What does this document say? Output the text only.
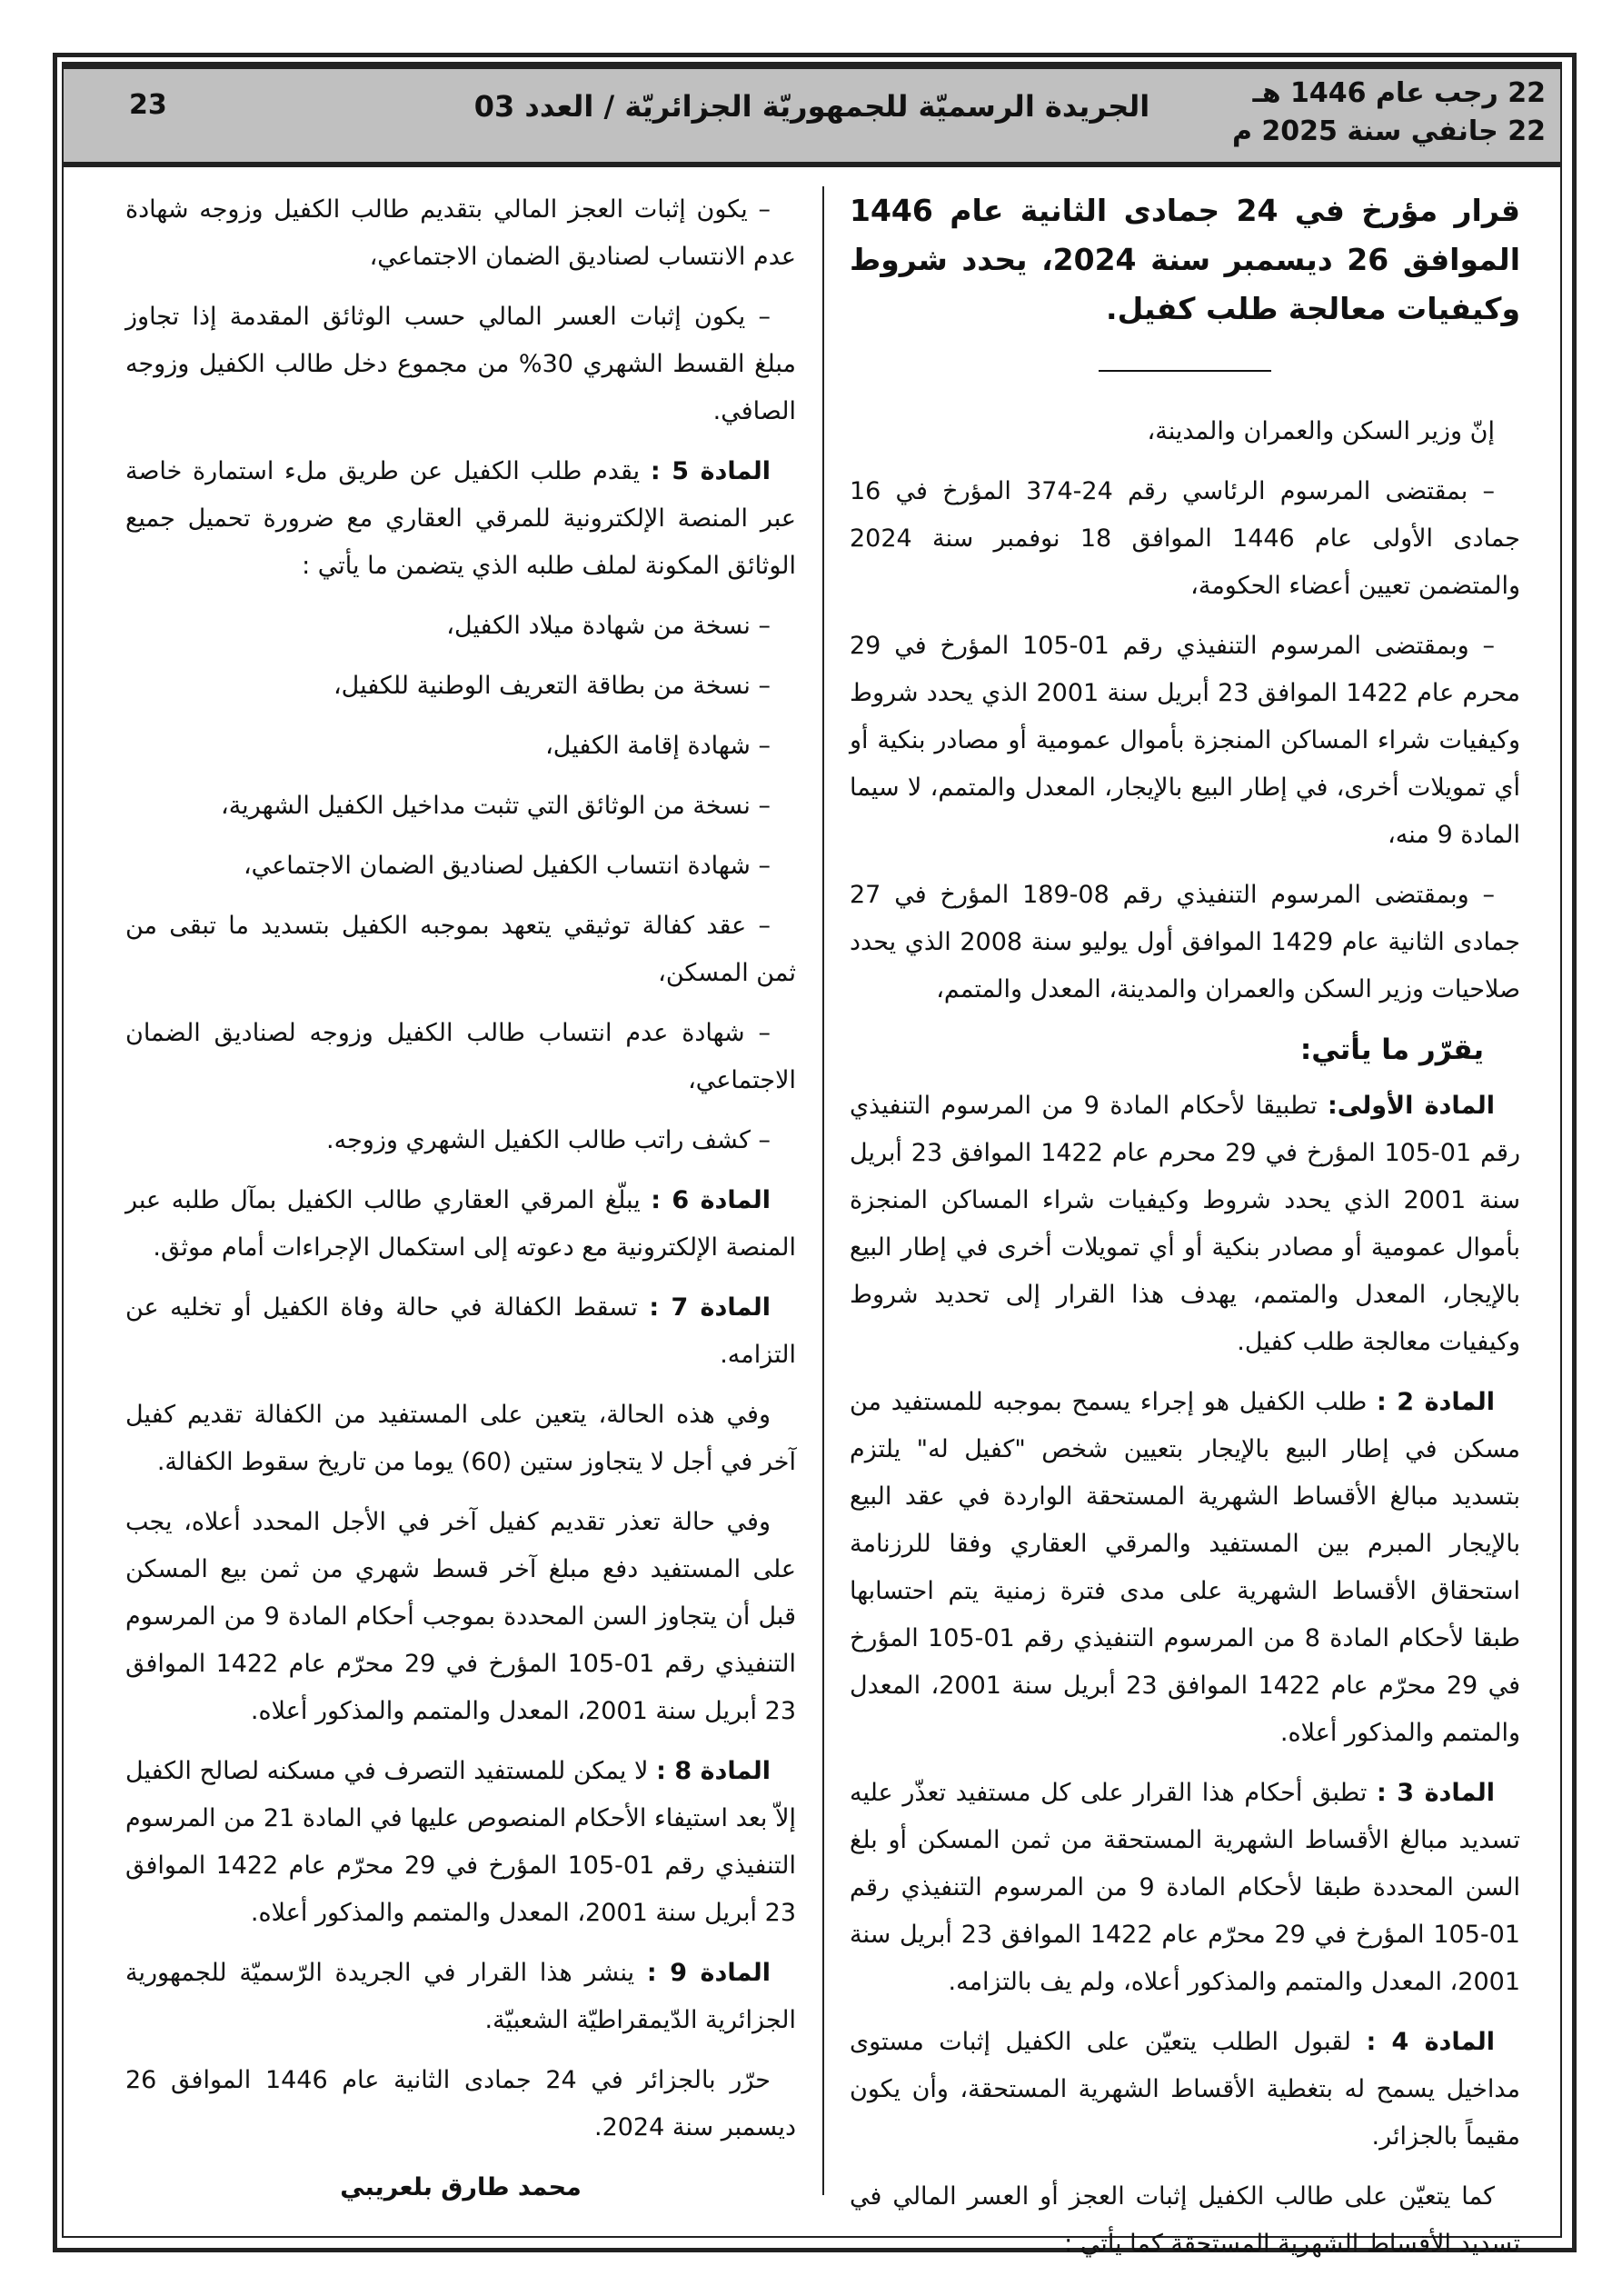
22 رجب عام 1446 هـ
22 جانفي سنة 2025 م
الجريدة الرسميّة للجمهوريّة الجزائريّة / العدد 03
23

قرار مؤرخ في 24 جمادى الثانية عام 1446 الموافق 26 ديسمبر سنة 2024، يحدد شروط وكيفيات معالجة طلب كفيل.

إنّ وزير السكن والعمران والمدينة،

– بمقتضى المرسوم الرئاسي رقم 24-374 المؤرخ في 16 جمادى الأولى عام 1446 الموافق 18 نوفمبر سنة 2024 والمتضمن تعيين أعضاء الحكومة،

– وبمقتضى المرسوم التنفيذي رقم 01-105 المؤرخ في 29 محرم عام 1422 الموافق 23 أبريل سنة 2001 الذي يحدد شروط وكيفيات شراء المساكن المنجزة بأموال عمومية أو مصادر بنكية أو أي تمويلات أخرى، في إطار البيع بالإيجار، المعدل والمتمم، لا سيما المادة 9 منه،

– وبمقتضى المرسوم التنفيذي رقم 08-189 المؤرخ في 27 جمادى الثانية عام 1429 الموافق أول يوليو سنة 2008 الذي يحدد صلاحيات وزير السكن والعمران والمدينة، المعدل والمتمم،

يقرّر ما يأتي:

المادة الأولى: تطبيقا لأحكام المادة 9 من المرسوم التنفيذي رقم 01-105 المؤرخ في 29 محرم عام 1422 الموافق 23 أبريل سنة 2001 الذي يحدد شروط وكيفيات شراء المساكن المنجزة بأموال عمومية أو مصادر بنكية أو أي تمويلات أخرى في إطار البيع بالإيجار، المعدل والمتمم، يهدف هذا القرار إلى تحديد شروط وكيفيات معالجة طلب كفيل.

المادة 2 : طلب الكفيل هو إجراء يسمح بموجبه للمستفيد من مسكن في إطار البيع بالإيجار بتعيين شخص "كفيل له" يلتزم بتسديد مبالغ الأقساط الشهرية المستحقة الواردة في عقد البيع بالإيجار المبرم بين المستفيد والمرقي العقاري وفقا للرزنامة استحقاق الأقساط الشهرية على مدى فترة زمنية يتم احتسابها طبقا لأحكام المادة 8 من المرسوم التنفيذي رقم 01-105 المؤرخ في 29 محرّم عام 1422 الموافق 23 أبريل سنة 2001، المعدل والمتمم والمذكور أعلاه.

المادة 3 : تطبق أحكام هذا القرار على كل مستفيد تعذّر عليه تسديد مبالغ الأقساط الشهرية المستحقة من ثمن المسكن أو بلغ السن المحددة طبقا لأحكام المادة 9 من المرسوم التنفيذي رقم 01-105 المؤرخ في 29 محرّم عام 1422 الموافق 23 أبريل سنة 2001، المعدل والمتمم والمذكور أعلاه، ولم يف بالتزامه.

المادة 4 : لقبول الطلب يتعيّن على الكفيل إثبات مستوى مداخيل يسمح له بتغطية الأقساط الشهرية المستحقة، وأن يكون مقيماً بالجزائر.

كما يتعيّن على طالب الكفيل إثبات العجز أو العسر المالي في تسديد الأقساط الشهرية المستحقة كما يأتي :

– يكون إثبات العجز المالي بتقديم طالب الكفيل وزوجه شهادة عدم الانتساب لصناديق الضمان الاجتماعي،

– يكون إثبات العسر المالي حسب الوثائق المقدمة إذا تجاوز مبلغ القسط الشهري 30% من مجموع دخل طالب الكفيل وزوجه الصافي.

المادة 5 : يقدم طلب الكفيل عن طريق ملء استمارة خاصة عبر المنصة الإلكترونية للمرقي العقاري مع ضرورة تحميل جميع الوثائق المكونة لملف طلبه الذي يتضمن ما يأتي :

– نسخة من شهادة ميلاد الكفيل،

– نسخة من بطاقة التعريف الوطنية للكفيل،

– شهادة إقامة الكفيل،

– نسخة من الوثائق التي تثبت مداخيل الكفيل الشهرية،

– شهادة انتساب الكفيل لصناديق الضمان الاجتماعي،

– عقد كفالة توثيقي يتعهد بموجبه الكفيل بتسديد ما تبقى من ثمن المسكن،

– شهادة عدم انتساب طالب الكفيل وزوجه لصناديق الضمان الاجتماعي،

– كشف راتب طالب الكفيل الشهري وزوجه.

المادة 6 : يبلّغ المرقي العقاري طالب الكفيل بمآل طلبه عبر المنصة الإلكترونية مع دعوته إلى استكمال الإجراءات أمام موثق.

المادة 7 : تسقط الكفالة في حالة وفاة الكفيل أو تخليه عن التزامه.

وفي هذه الحالة، يتعين على المستفيد من الكفالة تقديم كفيل آخر في أجل لا يتجاوز ستين (60) يوما من تاريخ سقوط الكفالة.

وفي حالة تعذر تقديم كفيل آخر في الأجل المحدد أعلاه، يجب على المستفيد دفع مبلغ آخر قسط شهري من ثمن بيع المسكن قبل أن يتجاوز السن المحددة بموجب أحكام المادة 9 من المرسوم التنفيذي رقم 01-105 المؤرخ في 29 محرّم عام 1422 الموافق 23 أبريل سنة 2001، المعدل والمتمم والمذكور أعلاه.

المادة 8 : لا يمكن للمستفيد التصرف في مسكنه لصالح الكفيل إلاّ بعد استيفاء الأحكام المنصوص عليها في المادة 21 من المرسوم التنفيذي رقم 01-105 المؤرخ في 29 محرّم عام 1422 الموافق 23 أبريل سنة 2001، المعدل والمتمم والمذكور أعلاه.

المادة 9 : ينشر هذا القرار في الجريدة الرّسميّة للجمهورية الجزائرية الدّيمقراطيّة الشعبيّة.

حرّر بالجزائر في 24 جمادى الثانية عام 1446 الموافق 26 ديسمبر سنة 2024.

محمد طارق بلعريبي
